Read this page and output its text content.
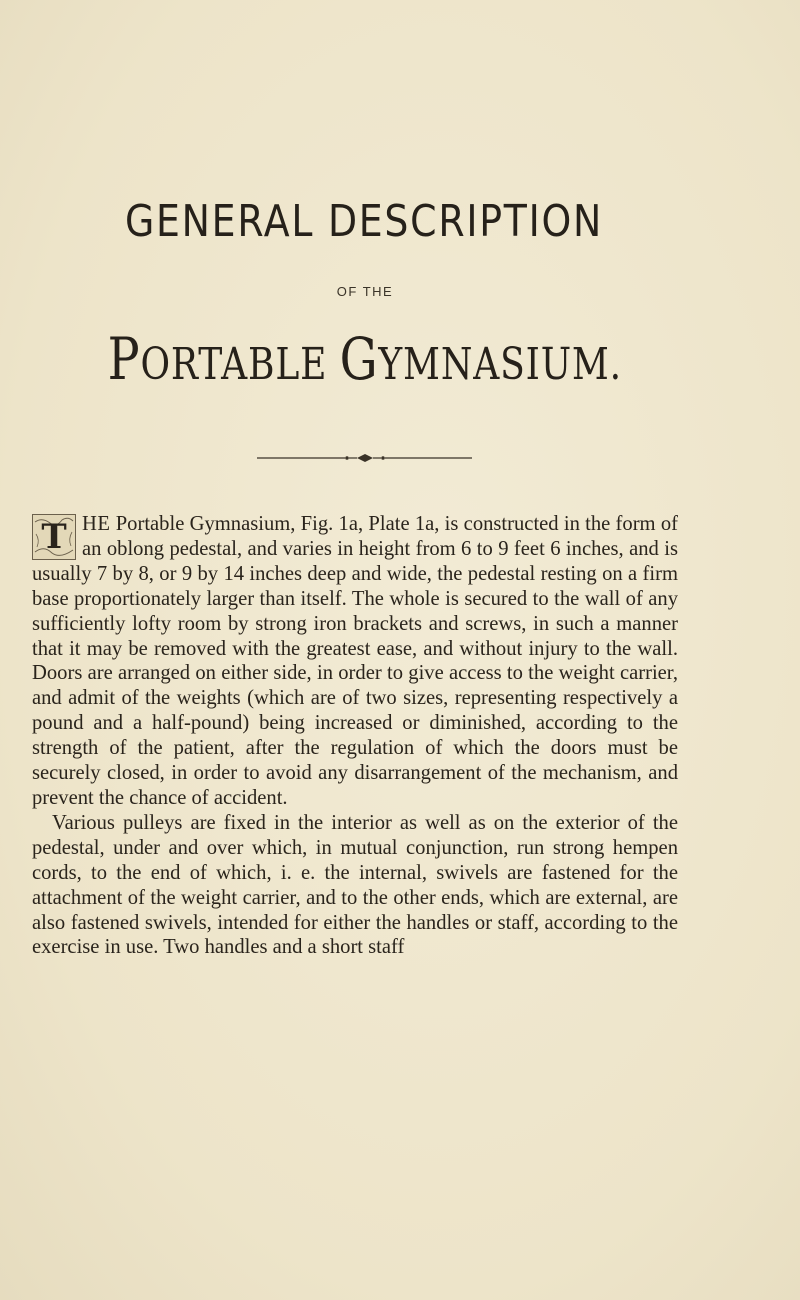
GENERAL DESCRIPTION
OF THE
PORTABLE GYMNASIUM.

T HE Portable Gymnasium, Fig. 1a, Plate 1a, is constructed in the form of an oblong pedestal, and varies in height from 6 to 9 feet 6 inches, and is usually 7 by 8, or 9 by 14 inches deep and wide, the pedestal resting on a firm base proportionately larger than itself. The whole is secured to the wall of any sufficiently lofty room by strong iron brackets and screws, in such a manner that it may be removed with the greatest ease, and without injury to the wall. Doors are arranged on either side, in order to give access to the weight carrier, and admit of the weights (which are of two sizes, representing respectively a pound and a half-pound) being increased or diminished, according to the strength of the patient, after the regulation of which the doors must be securely closed, in order to avoid any disarrangement of the mechanism, and prevent the chance of accident.

Various pulleys are fixed in the interior as well as on the exterior of the pedestal, under and over which, in mutual conjunction, run strong hempen cords, to the end of which, i. e. the internal, swivels are fastened for the attachment of the weight carrier, and to the other ends, which are external, are also fastened swivels, intended for either the handles or staff, according to the exercise in use. Two handles and a short staff
